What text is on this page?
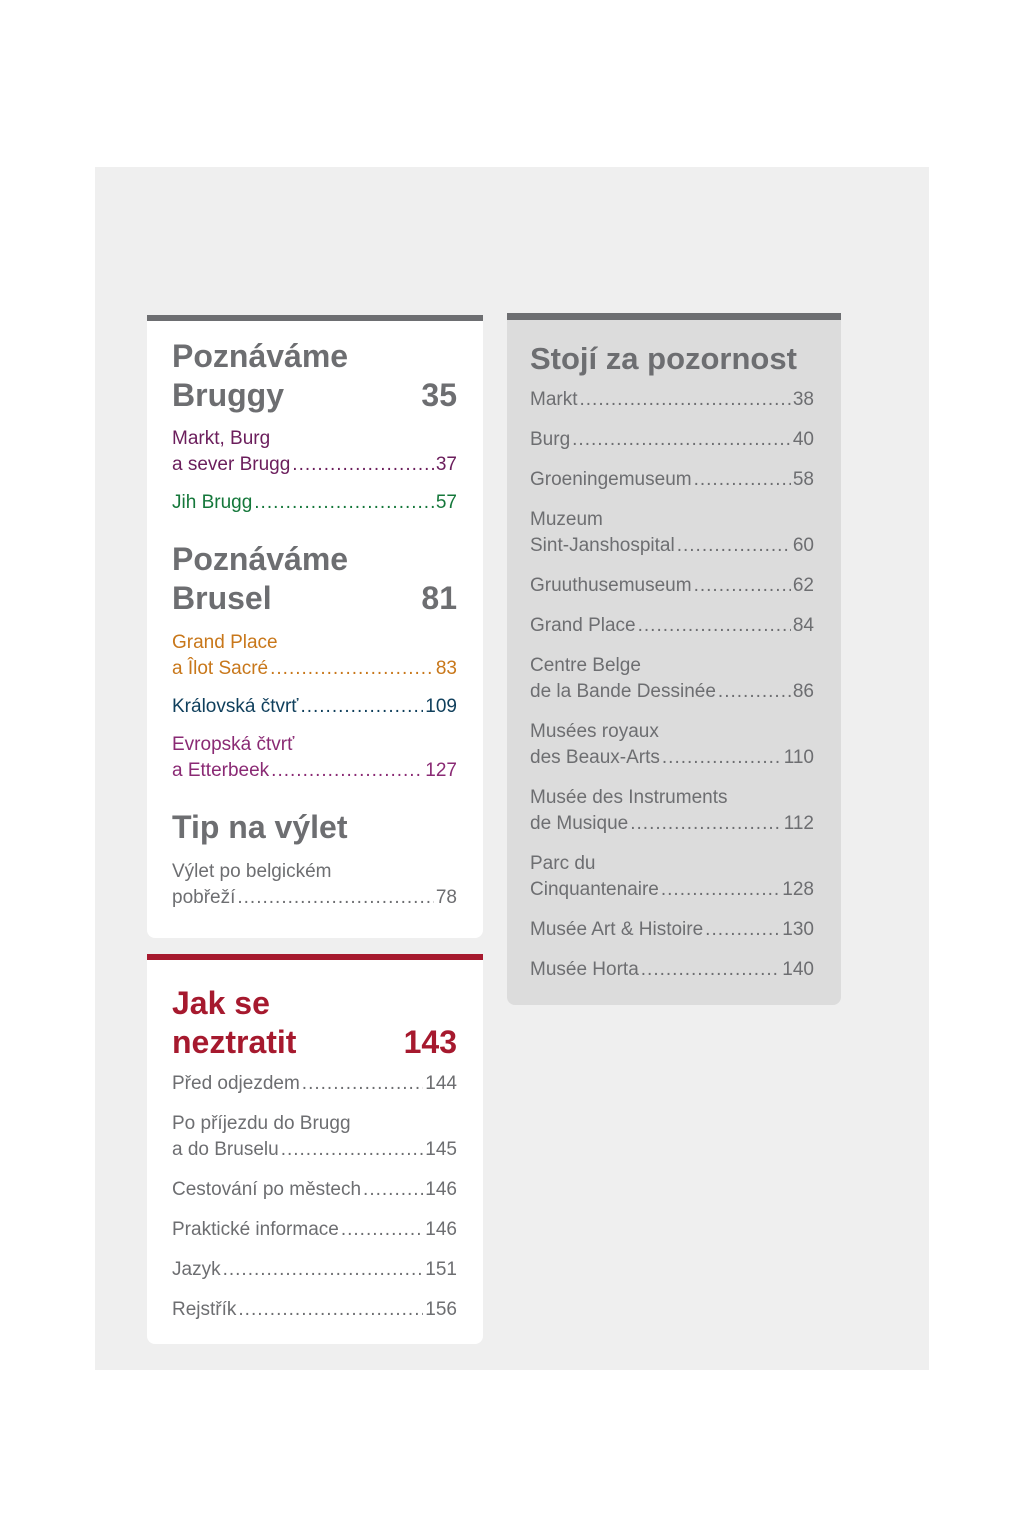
Poznáváme
Bruggy	35
Markt, Burg
a sever Brugg .....	37
Jih Brugg .....	57
Poznáváme
Brusel	81
Grand Place
a Îlot Sacré .....	83
Královská čtvrť .....	109
Evropská čtvrť
a Etterbeek .....	127
Tip na výlet
Výlet po belgickém
pobřeží .....	78
Jak se
neztratit	143
Před odjezdem .....	144
Po příjezdu do Brugg
a do Bruselu .....	145
Cestování po městech .....	146
Praktické informace .....	146
Jazyk .....	151
Rejstřík .....	156
Stojí za pozornost
Markt .....	38
Burg .....	40
Groeningemuseum .....	58
Muzeum
Sint-Janshospital .....	60
Gruuthusemuseum .....	62
Grand Place .....	84
Centre Belge
de la Bande Dessinée .....	86
Musées royaux
des Beaux-Arts .....	110
Musée des Instruments
de Musique .....	112
Parc du
Cinquantenaire .....	128
Musée Art & Histoire .....	130
Musée Horta .....	140
